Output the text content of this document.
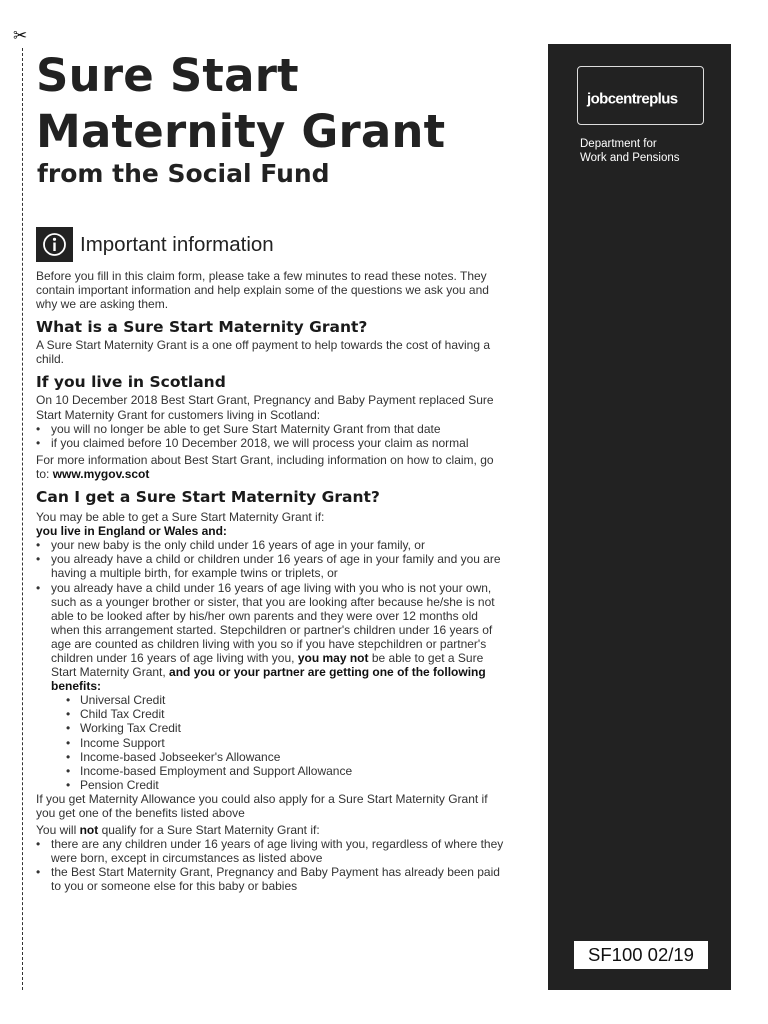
✂
jobcentreplus
Department for
Work and Pensions
SF100 02/19
Sure Start
Maternity Grant
from the Social Fund
Important information

Before you fill in this claim form, please take a few minutes to read these notes. They contain important information and help explain some of the questions we ask you and why we are asking them.

What is a Sure Start Maternity Grant?

A Sure Start Maternity Grant is a one off payment to help towards the cost of having a child.

If you live in Scotland

On 10 December 2018 Best Start Grant, Pregnancy and Baby Payment replaced Sure Start Maternity Grant for customers living in Scotland:

• you will no longer be able to get Sure Start Maternity Grant from that date
• if you claimed before 10 December 2018, we will process your claim as normal

For more information about Best Start Grant, including information on how to claim, go to: www.mygov.scot

Can I get a Sure Start Maternity Grant?

You may be able to get a Sure Start Maternity Grant if:

you live in England or Wales and:

• your new baby is the only child under 16 years of age in your family, or
• you already have a child or children under 16 years of age in your family and you are having a multiple birth, for example twins or triplets, or
• you already have a child under 16 years of age living with you who is not your own, such as a younger brother or sister, that you are looking after because he/she is not able to be looked after by his/her own parents and they were over 12 months old when this arrangement started. Stepchildren or partner's children under 16 years of age are counted as children living with you so if you have stepchildren or partner's children under 16 years of age living with you, you may not be able to get a Sure Start Maternity Grant, and you or your partner are getting one of the following benefits:
• Universal Credit
• Child Tax Credit
• Working Tax Credit
• Income Support
• Income-based Jobseeker's Allowance
• Income-based Employment and Support Allowance
• Pension Credit

If you get Maternity Allowance you could also apply for a Sure Start Maternity Grant if you get one of the benefits listed above

You will not qualify for a Sure Start Maternity Grant if:

• there are any children under 16 years of age living with you, regardless of where they were born, except in circumstances as listed above
• the Best Start Maternity Grant, Pregnancy and Baby Payment has already been paid to you or someone else for this baby or babies
